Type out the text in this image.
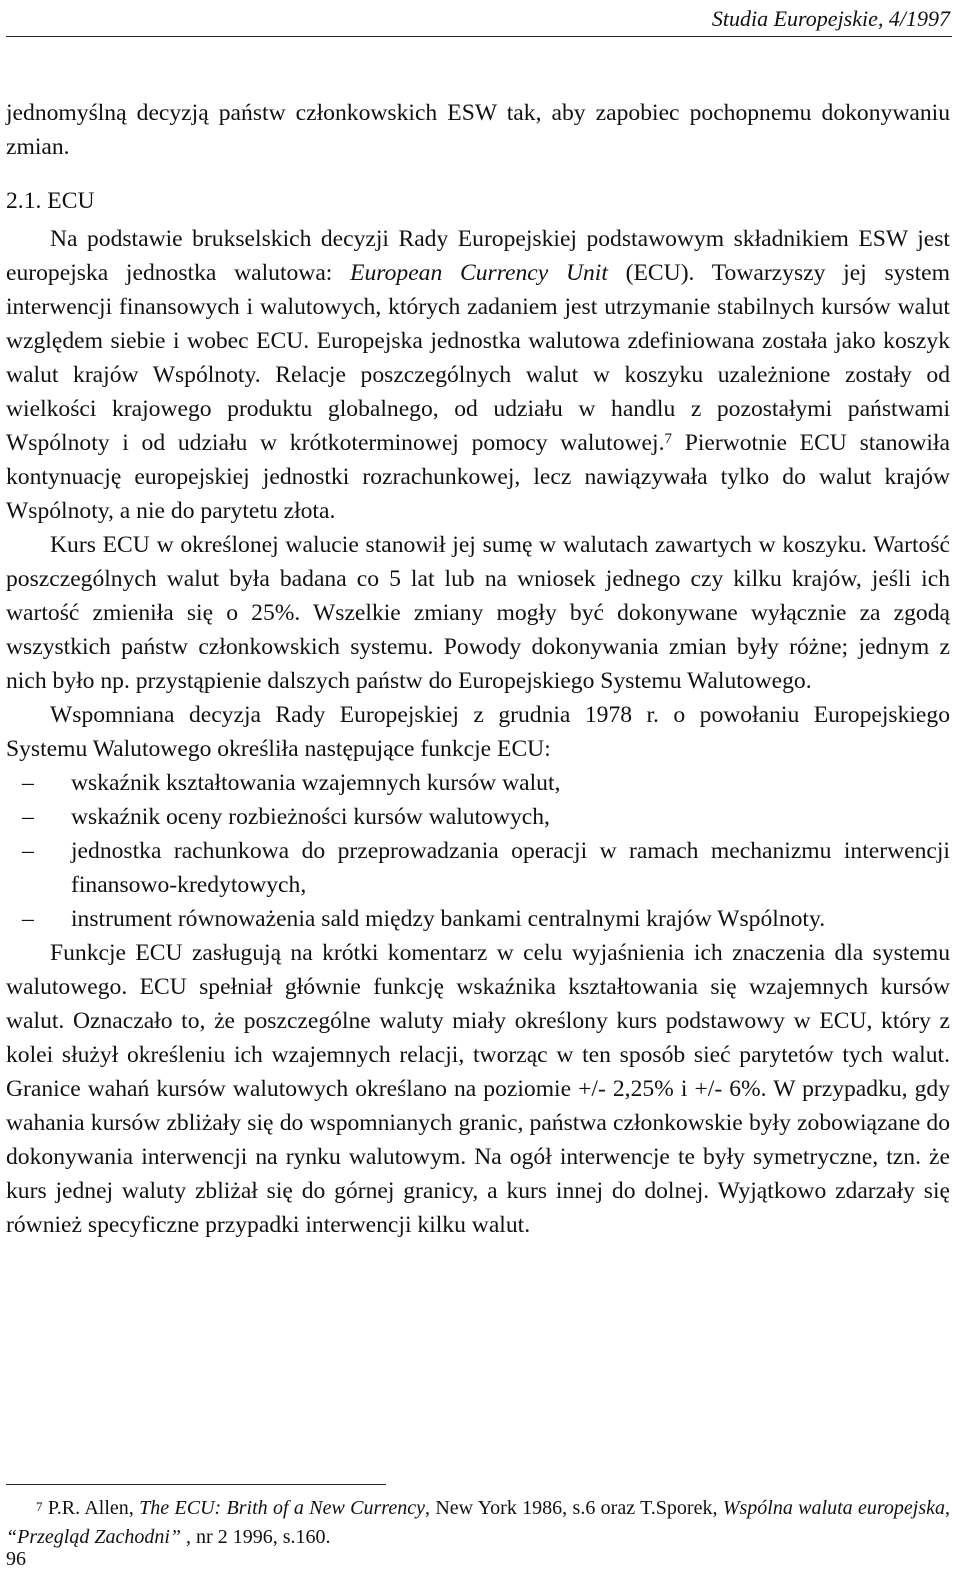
Studia Europejskie, 4/1997

jednomyślną decyzją państw członkowskich ESW tak, aby zapobiec pochopnemu dokonywaniu zmian.

2.1. ECU

Na podstawie brukselskich decyzji Rady Europejskiej podstawowym składnikiem ESW jest europejska jednostka walutowa: European Currency Unit (ECU). Towarzyszy jej system interwencji finansowych i walutowych, których zadaniem jest utrzymanie stabilnych kursów walut względem siebie i wobec ECU. Europejska jednostka walutowa zdefiniowana została jako koszyk walut krajów Wspólnoty. Relacje poszczególnych walut w koszyku uzależnione zostały od wielkości krajowego produktu globalnego, od udziału w handlu z pozostałymi państwami Wspólnoty i od udziału w krótkoterminowej pomocy walutowej.$^7$ Pierwotnie ECU stanowiła kontynuację europejskiej jednostki rozrachunkowej, lecz nawiązywała tylko do walut krajów Wspólnoty, a nie do parytetu złota.

Kurs ECU w określonej walucie stanowił jej sumę w walutach zawartych w koszyku. Wartość poszczególnych walut była badana co 5 lat lub na wniosek jednego czy kilku krajów, jeśli ich wartość zmieniła się o 25%. Wszelkie zmiany mogły być dokonywane wyłącznie za zgodą wszystkich państw członkowskich systemu. Powody dokonywania zmian były różne; jednym z nich było np. przystąpienie dalszych państw do Europejskiego Systemu Walutowego.

Wspomniana decyzja Rady Europejskiej z grudnia 1978 r. o powołaniu Europejskiego Systemu Walutowego określiła następujące funkcje ECU:

– wskaźnik kształtowania wzajemnych kursów walut,
– wskaźnik oceny rozbieżności kursów walutowych,
– jednostka rachunkowa do przeprowadzania operacji w ramach mechanizmu interwencji finansowo-kredytowych,
– instrument równoważenia sald między bankami centralnymi krajów Wspólnoty.

Funkcje ECU zasługują na krótki komentarz w celu wyjaśnienia ich znaczenia dla systemu walutowego. ECU spełniał głównie funkcję wskaźnika kształtowania się wzajemnych kursów walut. Oznaczało to, że poszczególne waluty miały określony kurs podstawowy w ECU, który z kolei służył określeniu ich wzajemnych relacji, tworząc w ten sposób sieć parytetów tych walut. Granice wahań kursów walutowych określano na poziomie +/- 2,25% i +/- 6%. W przypadku, gdy wahania kursów zbliżały się do wspomnianych granic, państwa członkowskie były zobowiązane do dokonywania interwencji na rynku walutowym. Na ogół interwencje te były symetryczne, tzn. że kurs jednej waluty zbliżał się do górnej granicy, a kurs innej do dolnej. Wyjątkowo zdarzały się również specyficzne przypadki interwencji kilku walut.

$^7$ P.R. Allen, The ECU: Brith of a New Currency, New York 1986, s.6 oraz T.Sporek, Wspólna waluta europejska, “Przegląd Zachodni” , nr 2 1996, s.160.

96
